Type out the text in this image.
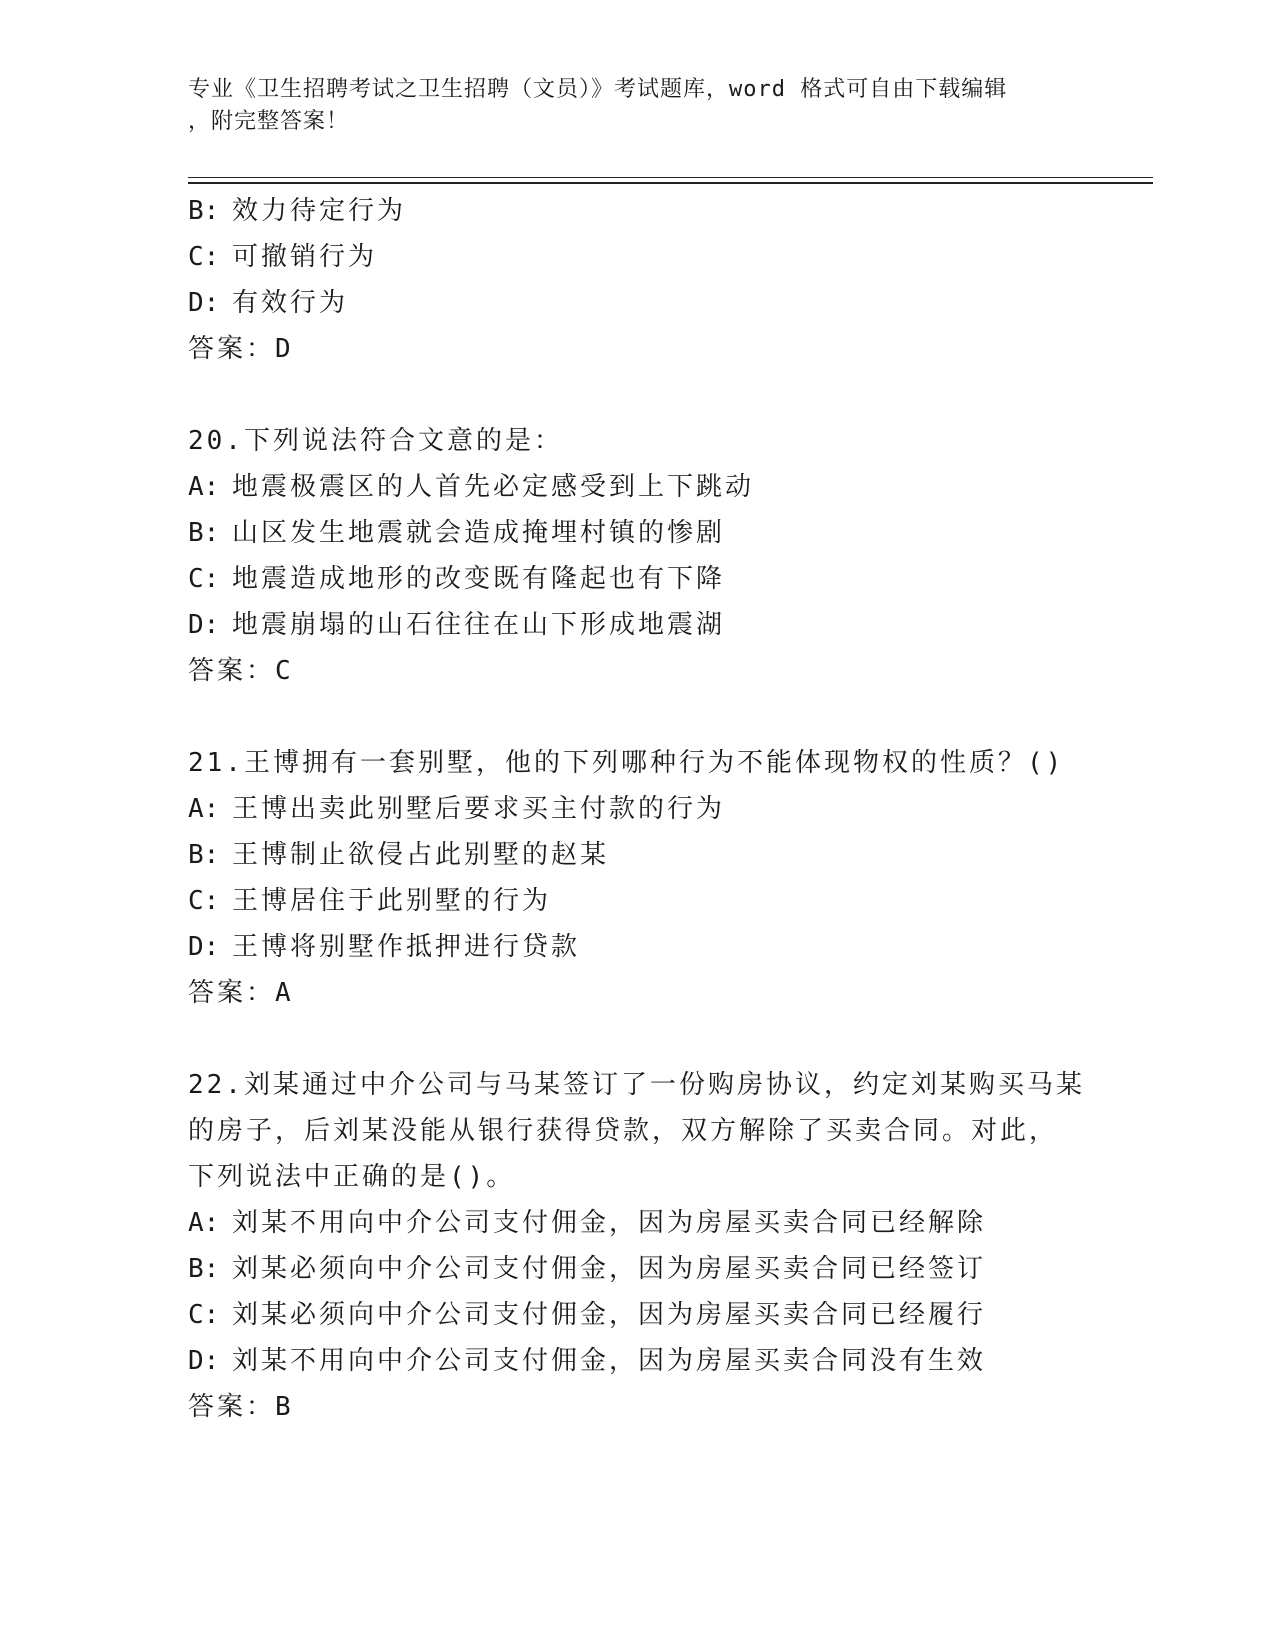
专业《卫生招聘考试之卫生招聘（文员）》考试题库，word 格式可自由下载编辑
，附完整答案！
B: 效力待定行为
C: 可撤销行为
D: 有效行为
答案：D
20.下列说法符合文意的是：
A: 地震极震区的人首先必定感受到上下跳动
B: 山区发生地震就会造成掩埋村镇的惨剧
C: 地震造成地形的改变既有隆起也有下降
D: 地震崩塌的山石往往在山下形成地震湖
答案：C
21.王博拥有一套别墅，他的下列哪种行为不能体现物权的性质？()
A: 王博出卖此别墅后要求买主付款的行为
B: 王博制止欲侵占此别墅的赵某
C: 王博居住于此别墅的行为
D: 王博将别墅作抵押进行贷款
答案：A
22.刘某通过中介公司与马某签订了一份购房协议，约定刘某购买马某
的房子，后刘某没能从银行获得贷款，双方解除了买卖合同。对此，
下列说法中正确的是()。
A: 刘某不用向中介公司支付佣金，因为房屋买卖合同已经解除
B: 刘某必须向中介公司支付佣金，因为房屋买卖合同已经签订
C: 刘某必须向中介公司支付佣金，因为房屋买卖合同已经履行
D: 刘某不用向中介公司支付佣金，因为房屋买卖合同没有生效
答案：B
